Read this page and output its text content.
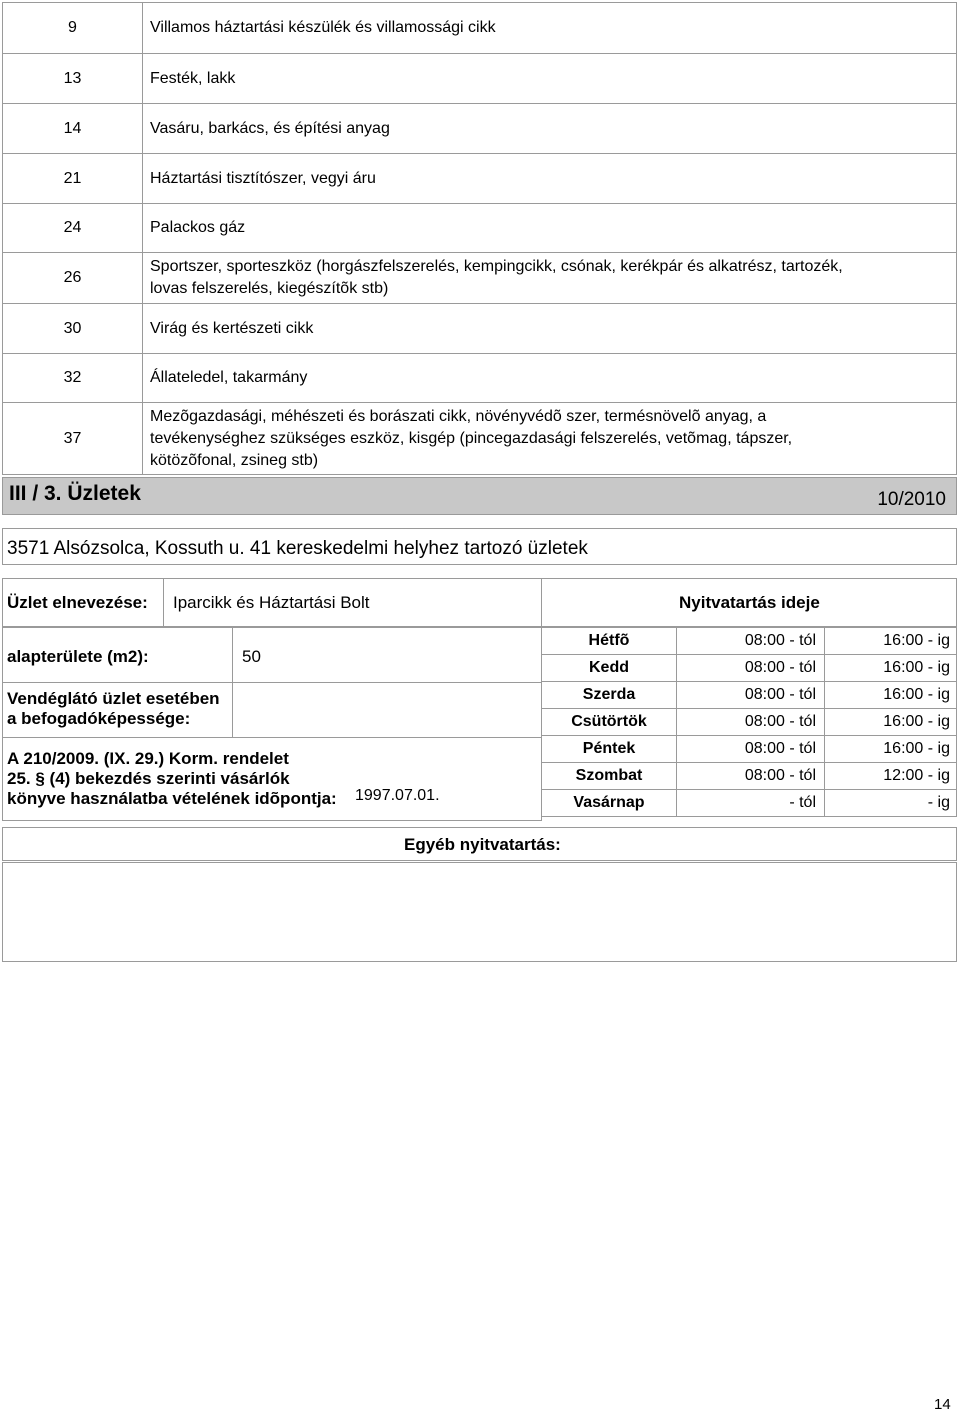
9	Villamos háztartási készülék és villamossági cikk

13	Festék, lakk

14	Vasáru, barkács, és építési anyag

21	Háztartási tisztítószer, vegyi áru

24	Palackos gáz

26	Sportszer, sporteszköz (horgászfelszerelés, kempingcikk, csónak, kerékpár és alkatrész, tartozék,
lovas felszerelés, kiegészítõk stb)

30	Virág és kertészeti cikk

32	Állateledel, takarmány

37	Mezõgazdasági, méhészeti és borászati cikk, növényvédõ szer, termésnövelõ anyag, a
tevékenységhez szükséges eszköz, kisgép (pincegazdasági felszerelés, vetõmag, tápszer,
kötözõfonal, zsineg stb)
III / 3. Üzletek	10/2010
3571 Alsózsolca, Kossuth u. 41 kereskedelmi helyhez tartozó üzletek
Üzlet elnevezése: Iparcikk és Háztartási Bolt	Nyitvatartás ideje
alapterülete (m2):	50
Vendéglátó üzlet esetében
a befogadóképessége:
A 210/2009. (IX. 29.) Korm. rendelet
25. § (4) bekezdés szerinti vásárlók
könyve használatba vételének idõpontja: 1997.07.01.
Hétfõ	08:00 - tól	16:00 - ig
Kedd	08:00 - tól	16:00 - ig
Szerda	08:00 - tól	16:00 - ig
Csütörtök	08:00 - tól	16:00 - ig
Péntek	08:00 - tól	16:00 - ig
Szombat	08:00 - tól	12:00 - ig
Vasárnap	- tól	- ig
Egyéb nyitvatartás:
14
